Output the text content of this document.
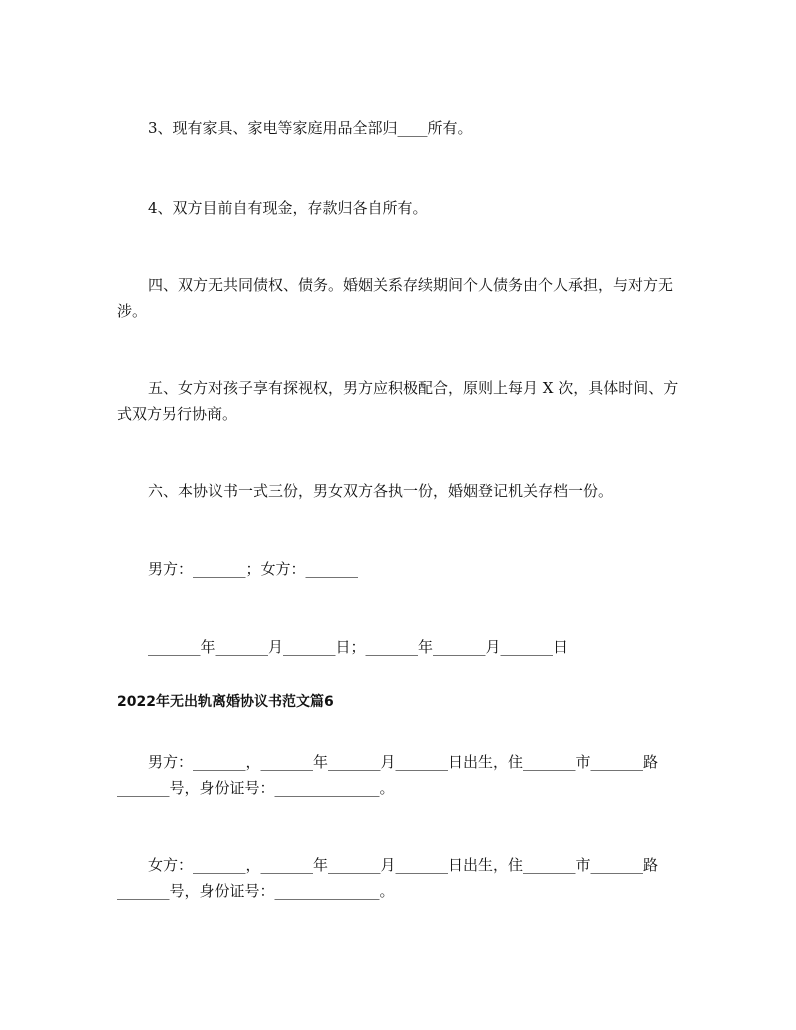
3、现有家具、家电等家庭用品全部归____所有。

4、双方目前自有现金，存款归各自所有。

四、双方无共同债权、债务。婚姻关系存续期间个人债务由个人承担，与对方无涉。

五、女方对孩子享有探视权，男方应积极配合，原则上每月 X 次，具体时间、方式双方另行协商。

六、本协议书一式三份，男女双方各执一份，婚姻登记机关存档一份。

男方：_______；女方：_______

_______年_______月_______日；_______年_______月_______日

2022年无出轨离婚协议书范文篇6

男方：_______，_______年_______月_______日出生，住_______市_______路_______号，身份证号：______________。

女方：_______，_______年_______月_______日出生，住_______市_______路_______号，身份证号：______________。
